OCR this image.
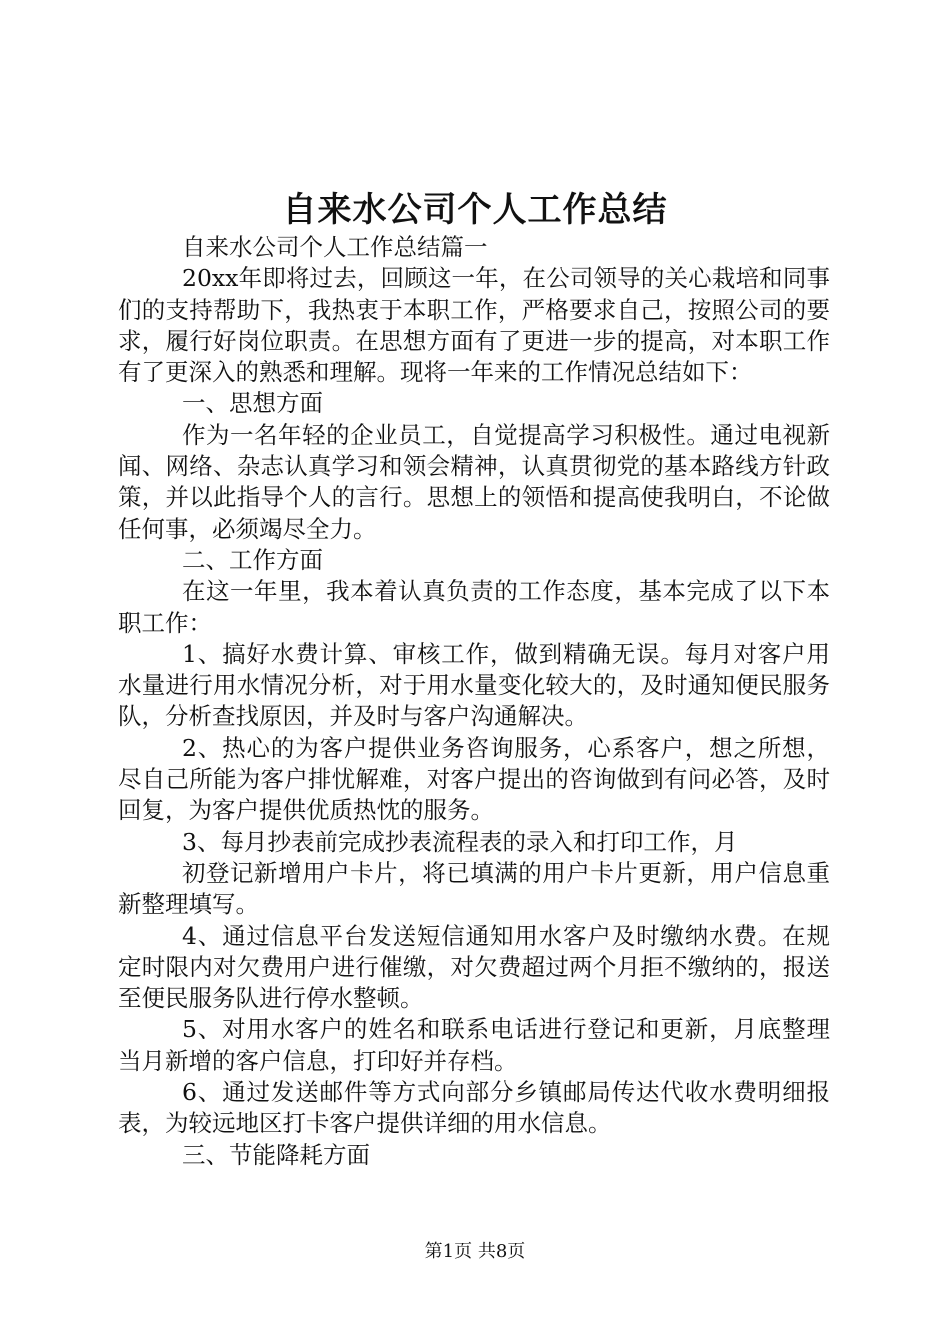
自来水公司个人工作总结

自来水公司个人工作总结篇一

20xx年即将过去，回顾这一年，在公司领导的关心栽培和同事们的支持帮助下，我热衷于本职工作，严格要求自己，按照公司的要求，履行好岗位职责。在思想方面有了更进一步的提高，对本职工作有了更深入的熟悉和理解。现将一年来的工作情况总结如下：

一、思想方面

作为一名年轻的企业员工，自觉提高学习积极性。通过电视新闻、网络、杂志认真学习和领会精神，认真贯彻党的基本路线方针政策，并以此指导个人的言行。思想上的领悟和提高使我明白，不论做任何事，必须竭尽全力。

二、工作方面

在这一年里，我本着认真负责的工作态度，基本完成了以下本职工作：

1、搞好水费计算、审核工作，做到精确无误。每月对客户用水量进行用水情况分析，对于用水量变化较大的，及时通知便民服务队，分析查找原因，并及时与客户沟通解决。

2、热心的为客户提供业务咨询服务，心系客户，想之所想，尽自己所能为客户排忧解难，对客户提出的咨询做到有问必答，及时回复，为客户提供优质热忱的服务。

3、每月抄表前完成抄表流程表的录入和打印工作，月

初登记新增用户卡片，将已填满的用户卡片更新，用户信息重新整理填写。

4、通过信息平台发送短信通知用水客户及时缴纳水费。在规定时限内对欠费用户进行催缴，对欠费超过两个月拒不缴纳的，报送至便民服务队进行停水整顿。

5、对用水客户的姓名和联系电话进行登记和更新，月底整理当月新增的客户信息，打印好并存档。

6、通过发送邮件等方式向部分乡镇邮局传达代收水费明细报表，为较远地区打卡客户提供详细的用水信息。

三、节能降耗方面

第1页 共8页
